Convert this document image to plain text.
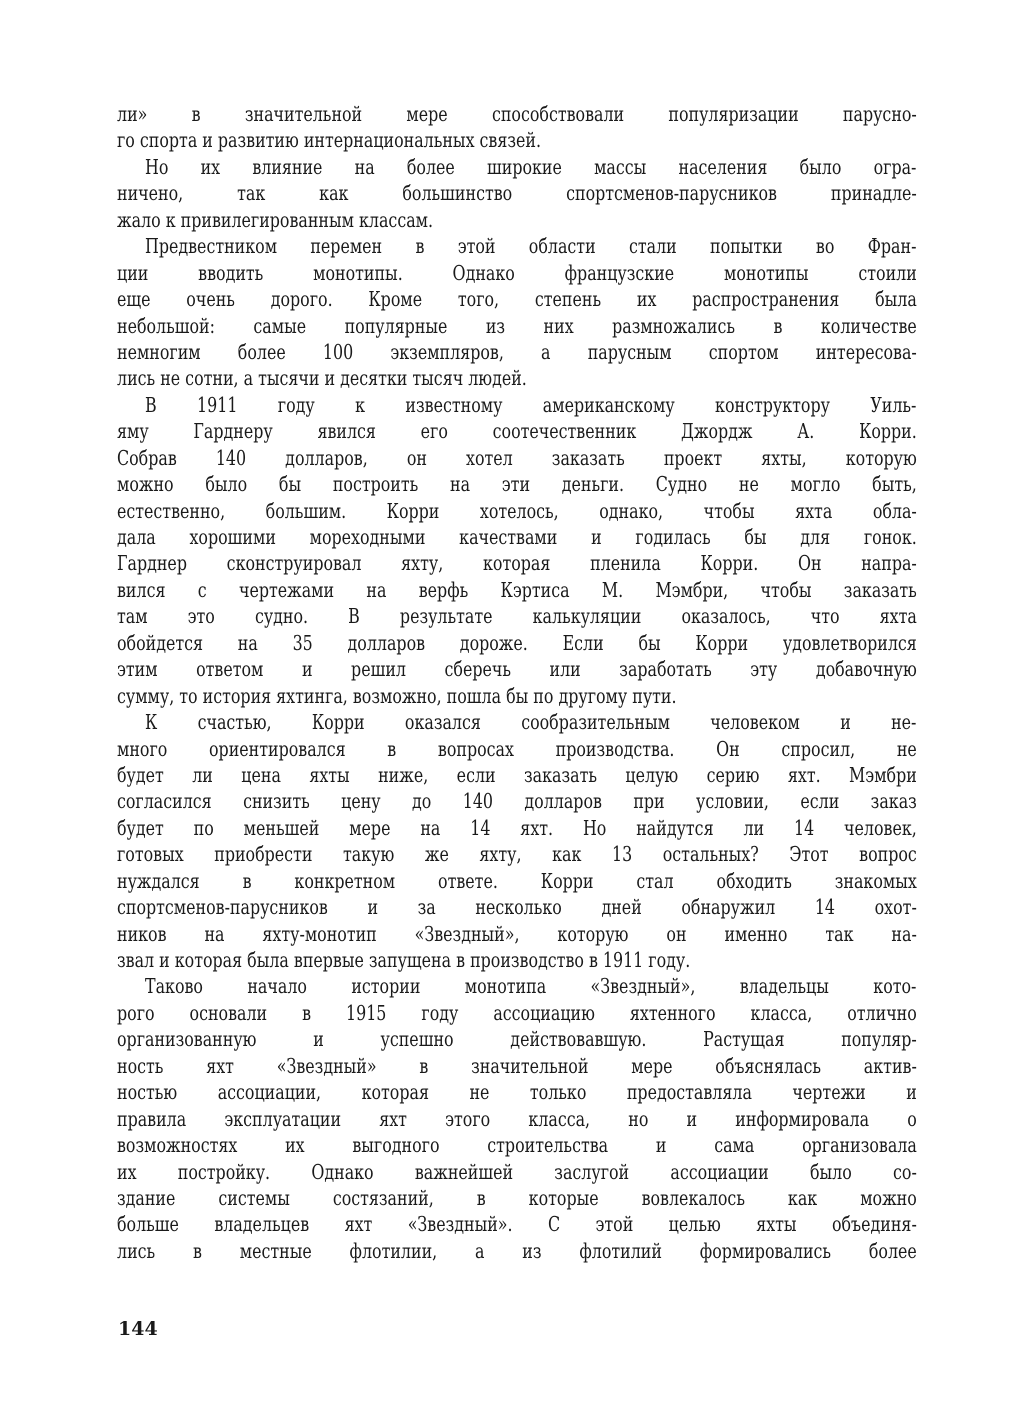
ли» в значительной мере способствовали популяризации парусно-
го спорта и развитию интернациональных связей.
Но их влияние на более широкие массы населения было огра-
ничено, так как большинство спортсменов-парусников принадле-
жало к привилегированным классам.
Предвестником перемен в этой области стали попытки во Фран-
ции вводить монотипы. Однако французские монотипы стоили
еще очень дорого. Кроме того, степень их распространения была
небольшой: самые популярные из них размножались в количестве
немногим более 100 экземпляров, а парусным спортом интересова-
лись не сотни, а тысячи и десятки тысяч людей.
В 1911 году к известному американскому конструктору Уиль-
яму Гарднеру явился его соотечественник Джордж А. Корри.
Собрав 140 долларов, он хотел заказать проект яхты, которую
можно было бы построить на эти деньги. Судно не могло быть,
естественно, большим. Корри хотелось, однако, чтобы яхта обла-
дала хорошими мореходными качествами и годилась бы для гонок.
Гарднер сконструировал яхту, которая пленила Корри. Он напра-
вился с чертежами на верфь Кэртиса М. Мэмбри, чтобы заказать
там это судно. В результате калькуляции оказалось, что яхта
обойдется на 35 долларов дороже. Если бы Корри удовлетворился
этим ответом и решил сберечь или заработать эту добавочную
сумму, то история яхтинга, возможно, пошла бы по другому пути.
К счастью, Корри оказался сообразительным человеком и не-
много ориентировался в вопросах производства. Он спросил, не
будет ли цена яхты ниже, если заказать целую серию яхт. Мэмбри
согласился снизить цену до 140 долларов при условии, если заказ
будет по меньшей мере на 14 яхт. Но найдутся ли 14 человек,
готовых приобрести такую же яхту, как 13 остальных? Этот вопрос
нуждался в конкретном ответе. Корри стал обходить знакомых
спортсменов-парусников и за несколько дней обнаружил 14 охот-
ников на яхту-монотип «Звездный», которую он именно так на-
звал и которая была впервые запущена в производство в 1911 году.
Таково начало истории монотипа «Звездный», владельцы кото-
рого основали в 1915 году ассоциацию яхтенного класса, отлично
организованную и успешно действовавшую. Растущая популяр-
ность яхт «Звездный» в значительной мере объяснялась актив-
ностью ассоциации, которая не только предоставляла чертежи и
правила эксплуатации яхт этого класса, но и информировала о
возможностях их выгодного строительства и сама организовала
их постройку. Однако важнейшей заслугой ассоциации было со-
здание системы состязаний, в которые вовлекалось как можно
больше владельцев яхт «Звездный». С этой целью яхты объединя-
лись в местные флотилии, а из флотилий формировались более
144
